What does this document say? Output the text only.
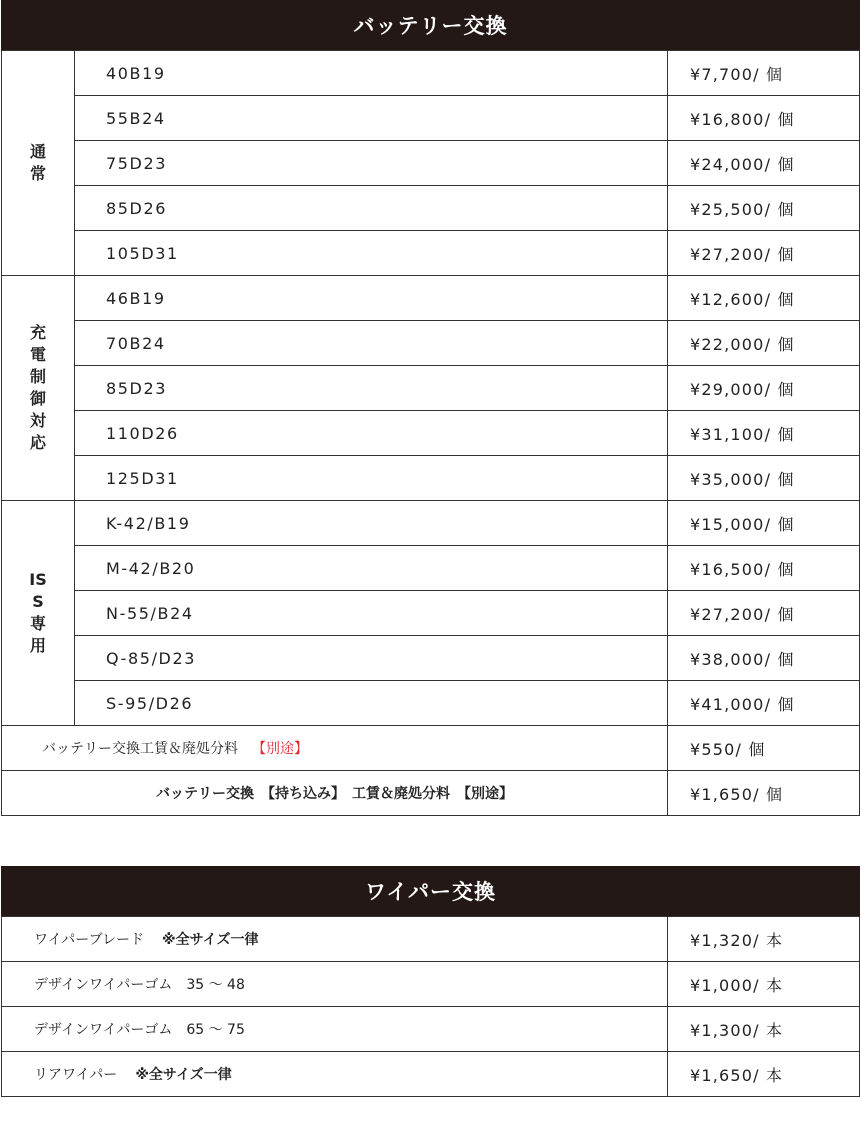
バッテリー交換
通常	40B19	¥7,700/ 個
	55B24	¥16,800/ 個
	75D23	¥24,000/ 個
	85D26	¥25,500/ 個
	105D31	¥27,200/ 個
充電制御対応	46B19	¥12,600/ 個
	70B24	¥22,000/ 個
	85D23	¥29,000/ 個
	110D26	¥31,100/ 個
	125D31	¥35,000/ 個
ISS専用	K-42/B19	¥15,000/ 個
	M-42/B20	¥16,500/ 個
	N-55/B24	¥27,200/ 個
	Q-85/D23	¥38,000/ 個
	S-95/D26	¥41,000/ 個
バッテリー交換工賃＆廃処分料 【別途】		¥550/ 個
バッテリー交換　【持ち込み】　工賃＆廃処分料　【別途】		¥1,650/ 個
ワイパー交換
ワイパーブレード ※全サイズ一律	¥1,320/ 本
デザインワイパーゴム　35 〜 48	¥1,000/ 本
デザインワイパーゴム　65 〜 75	¥1,300/ 本
リアワイパー ※全サイズ一律	¥1,650/ 本
